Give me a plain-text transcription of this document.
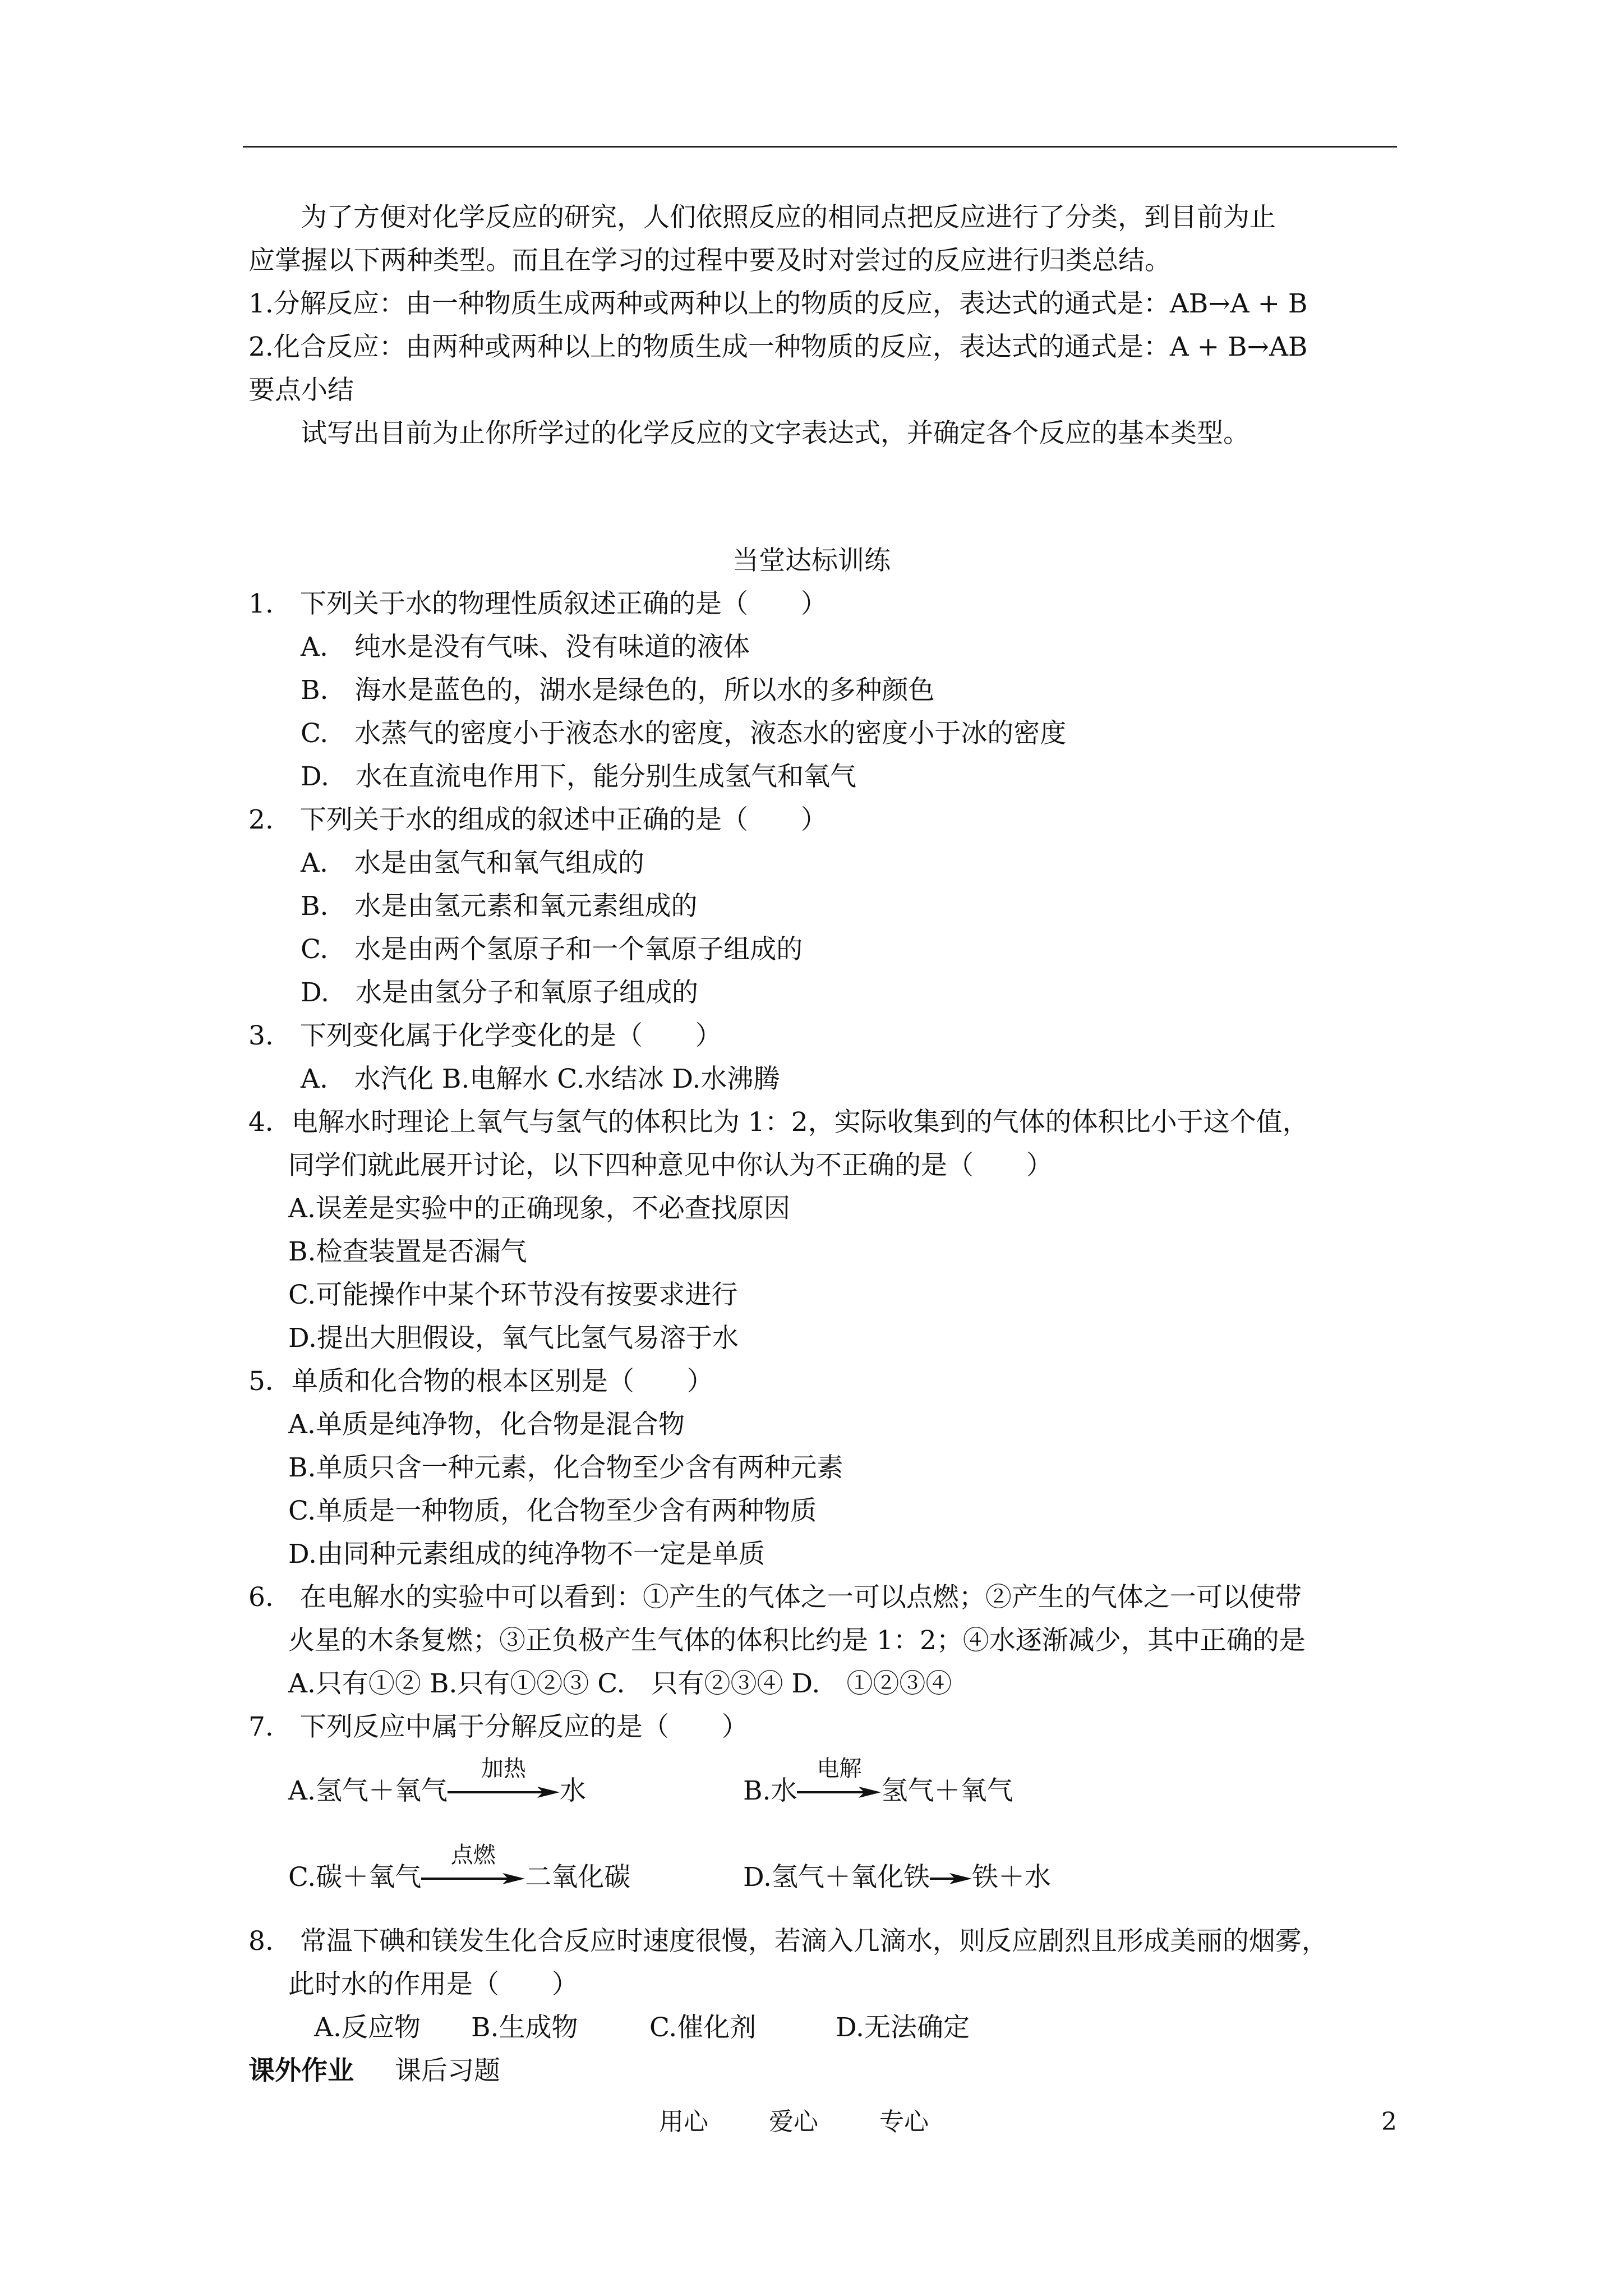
为了方便对化学反应的研究，人们依照反应的相同点把反应进行了分类，到目前为止
应掌握以下两种类型。而且在学习的过程中要及时对尝过的反应进行归类总结。
1.分解反应：由一种物质生成两种或两种以上的物质的反应，表达式的通式是：AB→A + B
2.化合反应：由两种或两种以上的物质生成一种物质的反应，表达式的通式是：A + B→AB
要点小结
试写出目前为止你所学过的化学反应的文字表达式，并确定各个反应的基本类型。
当堂达标训练
1.　下列关于水的物理性质叙述正确的是（　　）
A.　纯水是没有气味、没有味道的液体
B.　海水是蓝色的，湖水是绿色的，所以水的多种颜色
C.　水蒸气的密度小于液态水的密度，液态水的密度小于冰的密度
D.　水在直流电作用下，能分别生成氢气和氧气
2.　下列关于水的组成的叙述中正确的是（　　）
A.　水是由氢气和氧气组成的
B.　水是由氢元素和氧元素组成的
C.　水是由两个氢原子和一个氧原子组成的
D.　水是由氢分子和氧原子组成的
3.　下列变化属于化学变化的是（　　）
A.　水汽化 B.电解水 C.水结冰 D.水沸腾
4．电解水时理论上氧气与氢气的体积比为 1：2，实际收集到的气体的体积比小于这个值，
同学们就此展开讨论，以下四种意见中你认为不正确的是（　　）
A.误差是实验中的正确现象，不必查找原因
B.检查装置是否漏气
C.可能操作中某个环节没有按要求进行
D.提出大胆假设，氧气比氢气易溶于水
5．单质和化合物的根本区别是（　　）
A.单质是纯净物，化合物是混合物
B.单质只含一种元素，化合物至少含有两种元素
C.单质是一种物质，化合物至少含有两种物质
D.由同种元素组成的纯净物不一定是单质
6.　在电解水的实验中可以看到：①产生的气体之一可以点燃；②产生的气体之一可以使带
火星的木条复燃；③正负极产生气体的体积比约是 1：2；④水逐渐减少，其中正确的是
A.只有①② B.只有①②③ C.　只有②③④ D.　①②③④
7.　下列反应中属于分解反应的是（　　）
A.氢气＋氧气
加热
水	B.水
电解
氢气＋氧气
C.碳＋氧气
点燃
二氧化碳	D.氢气＋氧化铁 铁＋水
8.　常温下碘和镁发生化合反应时速度很慢，若滴入几滴水，则反应剧烈且形成美丽的烟雾，
此时水的作用是（　　）
A.反应物 B.生成物	C.催化剂	D.无法确定
课外作业 课后习题
用心 爱心 专心	2
